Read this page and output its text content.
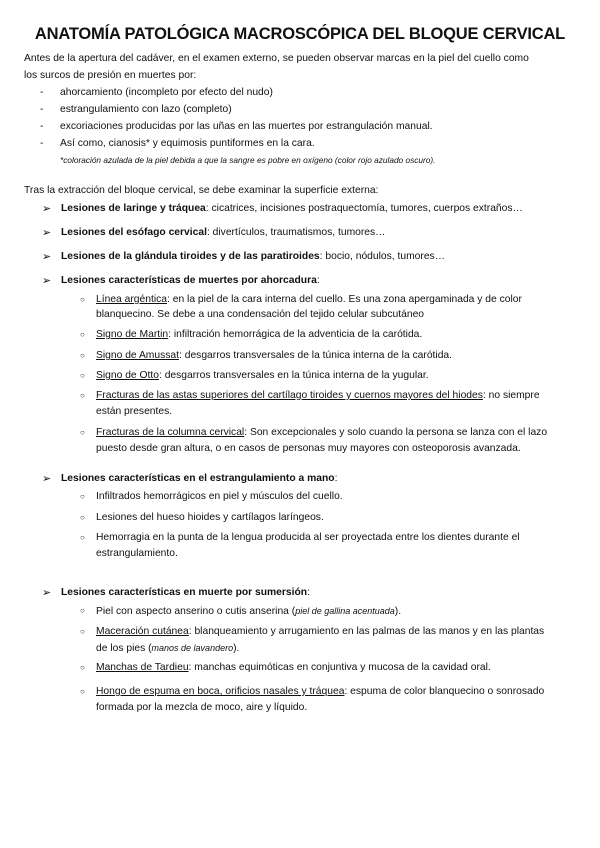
ANATOMÍA PATOLÓGICA MACROSCÓPICA DEL BLOQUE CERVICAL
Antes de la apertura del cadáver, en el examen externo, se pueden observar marcas en la piel del cuello como
los surcos de presión en muertes por:
- ahorcamiento (incompleto por efecto del nudo)
- estrangulamiento con lazo (completo)
- excoriaciones producidas por las uñas en las muertes por estrangulación manual.
- Así como, cianosis* y equimosis puntiformes en la cara.
*coloración azulada de la piel debida a que la sangre es pobre en oxígeno (color rojo azulado oscuro).
Tras la extracción del bloque cervical, se debe examinar la superficie externa:
➢ Lesiones de laringe y tráquea: cicatrices, incisiones postraquectomía, tumores, cuerpos extraños…
➢ Lesiones del esófago cervical: divertículos, traumatismos, tumores…
➢ Lesiones de la glándula tiroides y de las paratiroides: bocio, nódulos, tumores…
➢ Lesiones características de muertes por ahorcadura:
○ Línea argéntica: en la piel de la cara interna del cuello. Es una zona apergaminada y de color
blanquecino. Se debe a una condensación del tejido celular subcutáneo
○ Signo de Martin: infiltración hemorrágica de la adventicia de la carótida.
○ Signo de Amussat: desgarros transversales de la túnica interna de la carótida.
○ Signo de Otto: desgarros transversales en la túnica interna de la yugular.
○ Fracturas de las astas superiores del cartílago tiroides y cuernos mayores del hiodes: no siempre
están presentes.
○ Fracturas de la columna cervical: Son excepcionales y solo cuando la persona se lanza con el lazo
puesto desde gran altura, o en casos de personas muy mayores con osteoporosis avanzada.
➢ Lesiones características en el estrangulamiento a mano:
○ Infiltrados hemorrágicos en piel y músculos del cuello.
○ Lesiones del hueso hioides y cartílagos laríngeos.
○ Hemorragia en la punta de la lengua producida al ser proyectada entre los dientes durante el
estrangulamiento.
➢ Lesiones características en muerte por sumersión:
○ Piel con aspecto anserino o cutis anserina (piel de gallina acentuada).
○ Maceración cutánea: blanqueamiento y arrugamiento en las palmas de las manos y en las plantas
de los pies (manos de lavandero).
○ Manchas de Tardieu: manchas equimóticas en conjuntiva y mucosa de la cavidad oral.
○ Hongo de espuma en boca, orificios nasales y tráquea: espuma de color blanquecino o sonrosado
formada por la mezcla de moco, aire y líquido.
